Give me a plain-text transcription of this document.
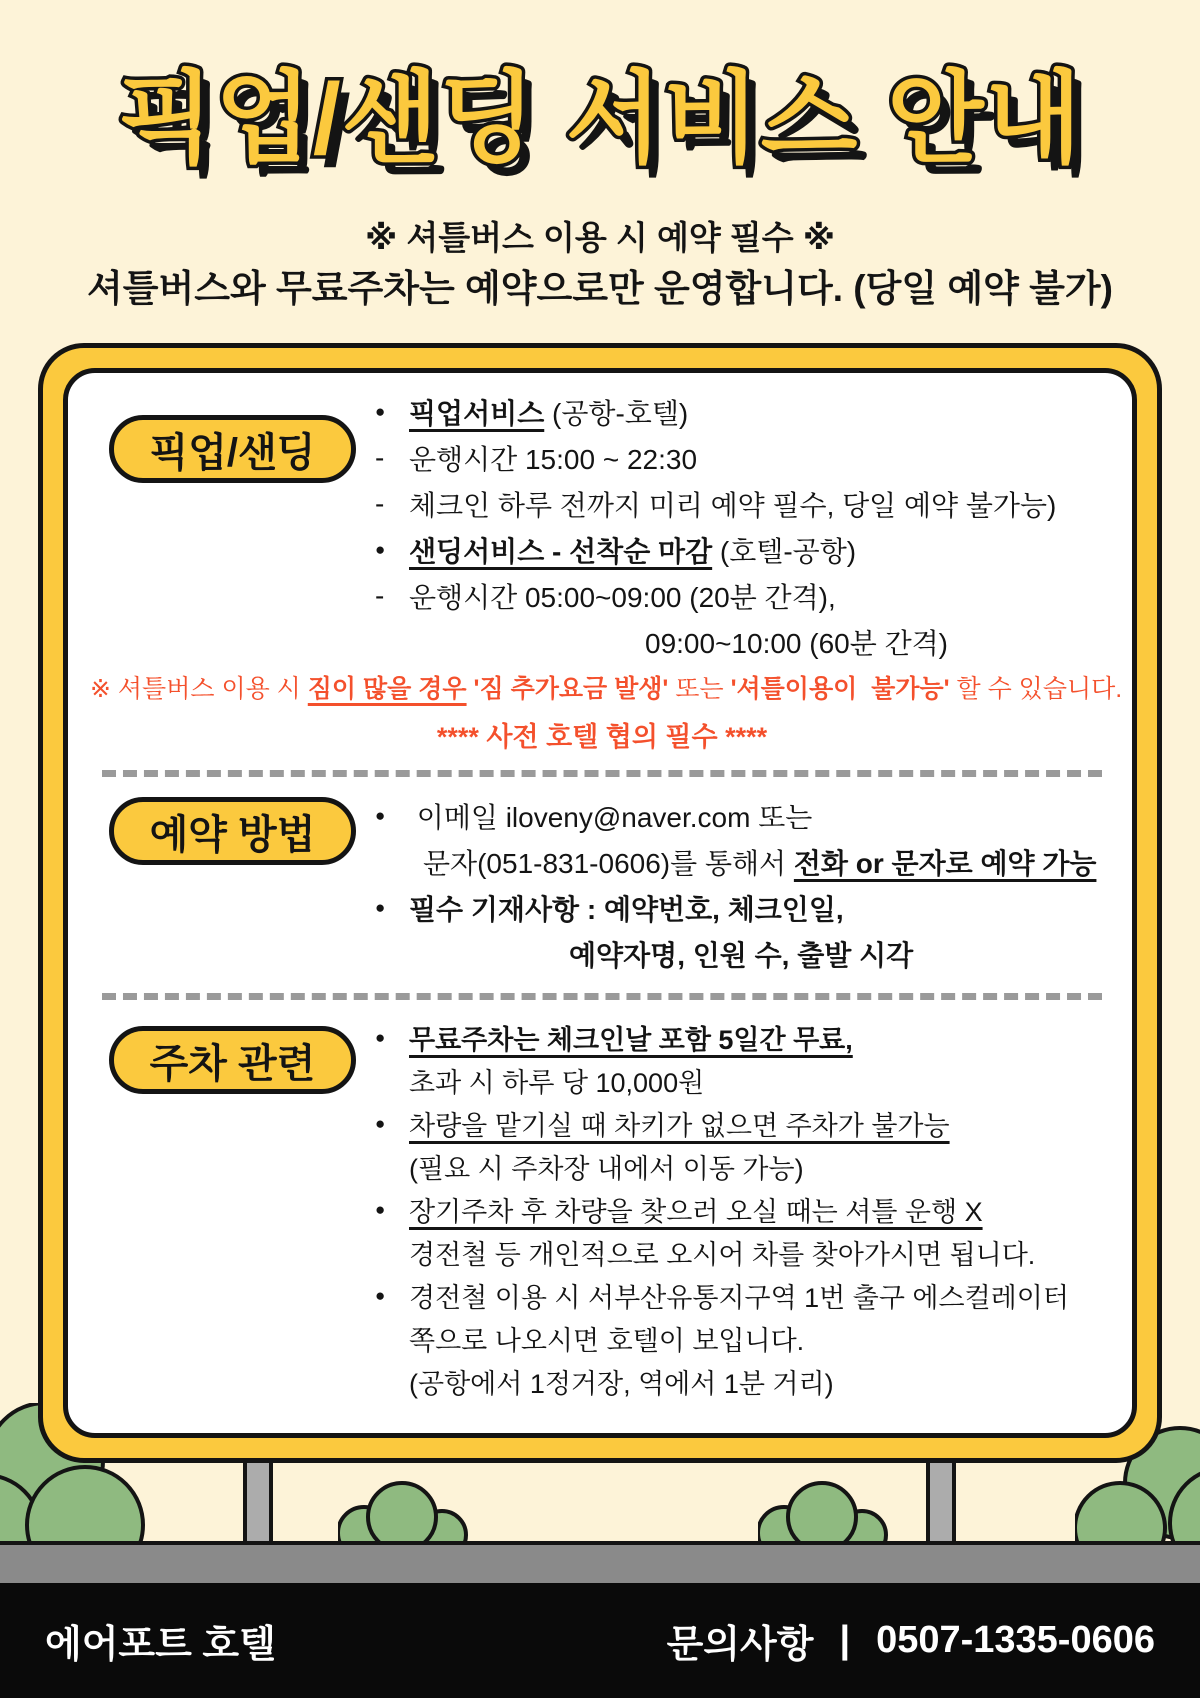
픽업/샌딩 서비스 안내
※ 셔틀버스 이용 시 예약 필수 ※
셔틀버스와 무료주차는 예약으로만 운영합니다. (당일 예약 불가)
픽업/샌딩
● 픽업서비스 (공항-호텔)
- 운행시간 15:00 ~ 22:30
- 체크인 하루 전까지 미리 예약 필수, 당일 예약 불가능)
● 샌딩서비스 - 선착순 마감 (호텔-공항)
- 운행시간 05:00~09:00 (20분 간격),
09:00~10:00 (60분 간격)
※ 셔틀버스 이용 시 짐이 많을 경우 '짐 추가요금 발생' 또는 '셔틀이용이  불가능' 할 수 있습니다.
**** 사전 호텔 협의 필수 ****
예약 방법	● 이메일 iloveny@naver.com 또는
문자(051-831-0606)를 통해서 전화 or 문자로 예약 가능
● 필수 기재사항 : 예약번호, 체크인일,
예약자명, 인원 수, 출발 시각
주차 관련
● 무료주차는 체크인날 포함 5일간 무료,
초과 시 하루 당 10,000원
● 차량을 맡기실 때 차키가 없으면 주차가 불가능
(필요 시 주차장 내에서 이동 가능)
● 장기주차 후 차량을 찾으러 오실 때는 셔틀 운행 X
경전철 등 개인적으로 오시어 차를 찾아가시면 됩니다.
● 경전철 이용 시 서부산유통지구역 1번 출구 에스컬레이터
쪽으로 나오시면 호텔이 보입니다.
(공항에서 1정거장, 역에서 1분 거리)
에어포트 호텔	문의사항 | 0507-1335-0606
